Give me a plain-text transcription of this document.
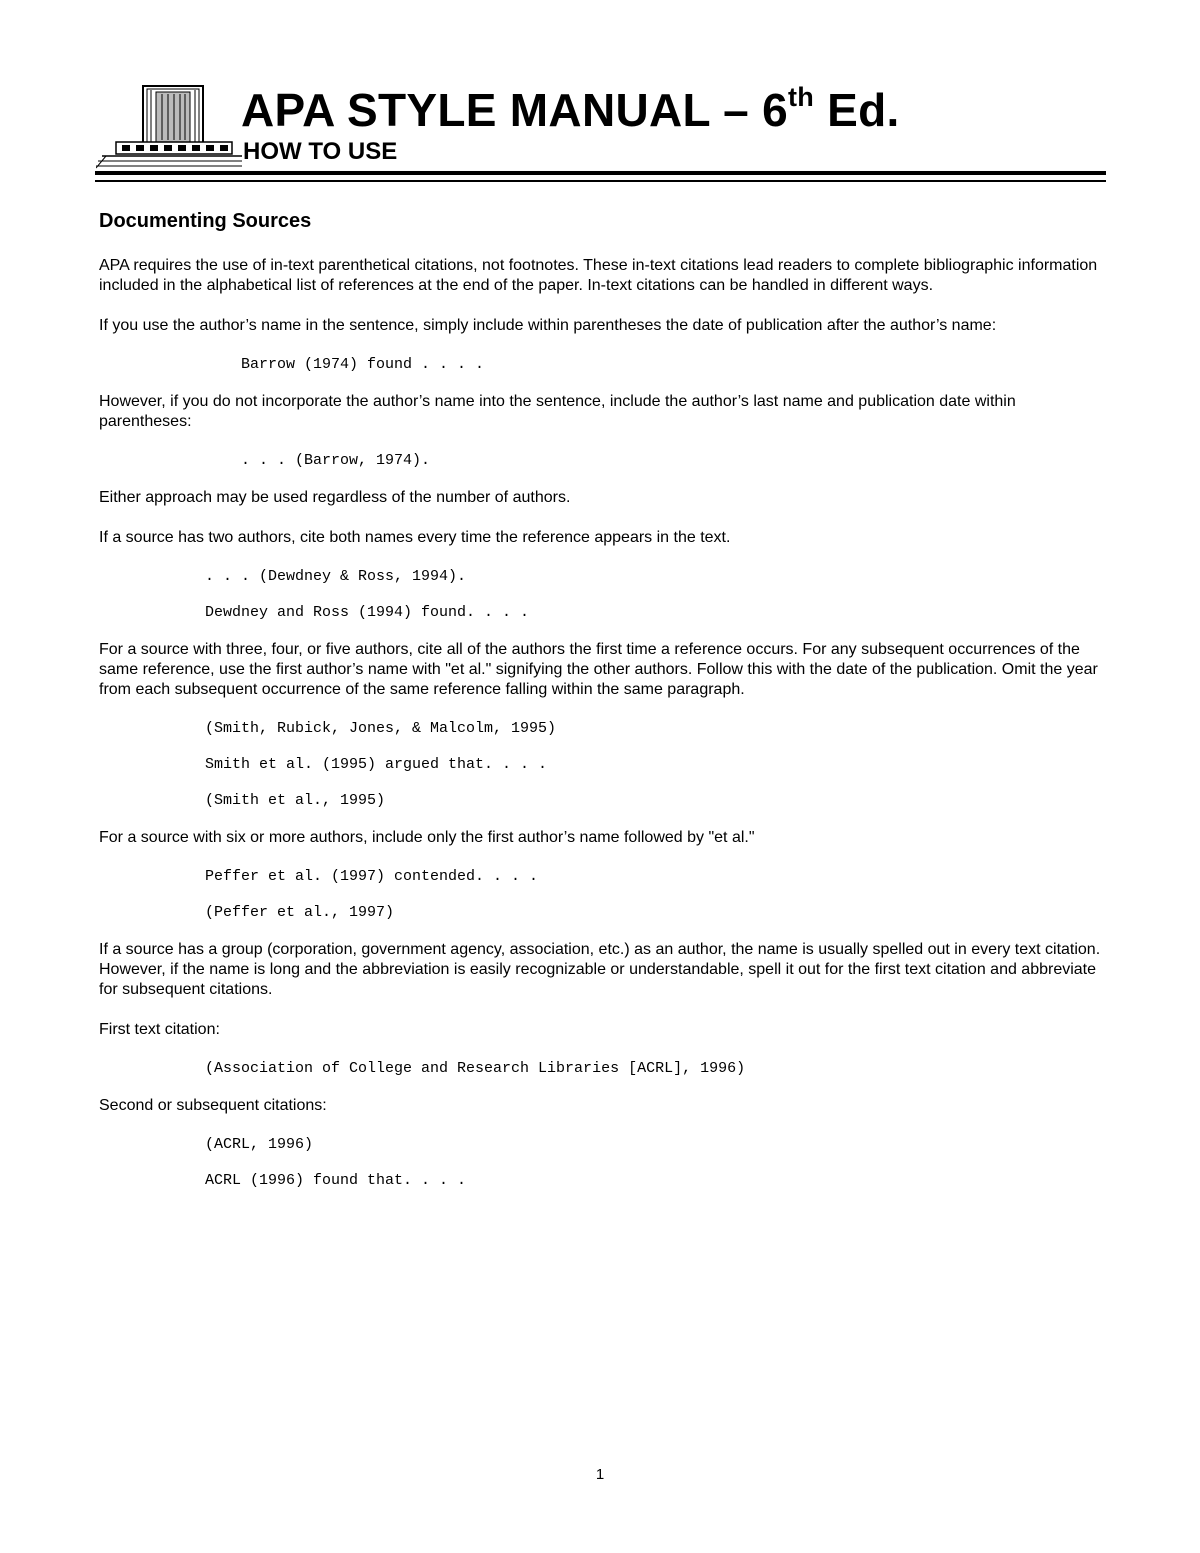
APA STYLE MANUAL – 6th Ed.
HOW TO USE
Documenting Sources

APA requires the use of in-text parenthetical citations, not footnotes. These in-text citations lead readers to complete bibliographic information included in the alphabetical list of references at the end of the paper. In-text citations can be handled in different ways.

If you use the author’s name in the sentence, simply include within parentheses the date of publication after the author’s name:

Barrow (1974) found . . . .

However, if you do not incorporate the author’s name into the sentence, include the author’s last name and publication date within parentheses:

. . . (Barrow, 1974).

Either approach may be used regardless of the number of authors.

If a source has two authors, cite both names every time the reference appears in the text.

. . . (Dewdney & Ross, 1994).
Dewdney and Ross (1994) found. . . .

For a source with three, four, or five authors, cite all of the authors the first time a reference occurs. For any subsequent occurrences of the same reference, use the first author’s name with "et al." signifying the other authors. Follow this with the date of the publication. Omit the year from each subsequent occurrence of the same reference falling within the same paragraph.

(Smith, Rubick, Jones, & Malcolm, 1995)
Smith et al. (1995) argued that. . . .
(Smith et al., 1995)

For a source with six or more authors, include only the first author’s name followed by "et al."

Peffer et al. (1997) contended. . . .
(Peffer et al., 1997)

If a source has a group (corporation, government agency, association, etc.) as an author, the name is usually spelled out in every text citation. However, if the name is long and the abbreviation is easily recognizable or understandable, spell it out for the first text citation and abbreviate for subsequent citations.

First text citation:

(Association of College and Research Libraries [ACRL], 1996)

Second or subsequent citations:

(ACRL, 1996)
ACRL (1996) found that. . . .
1
